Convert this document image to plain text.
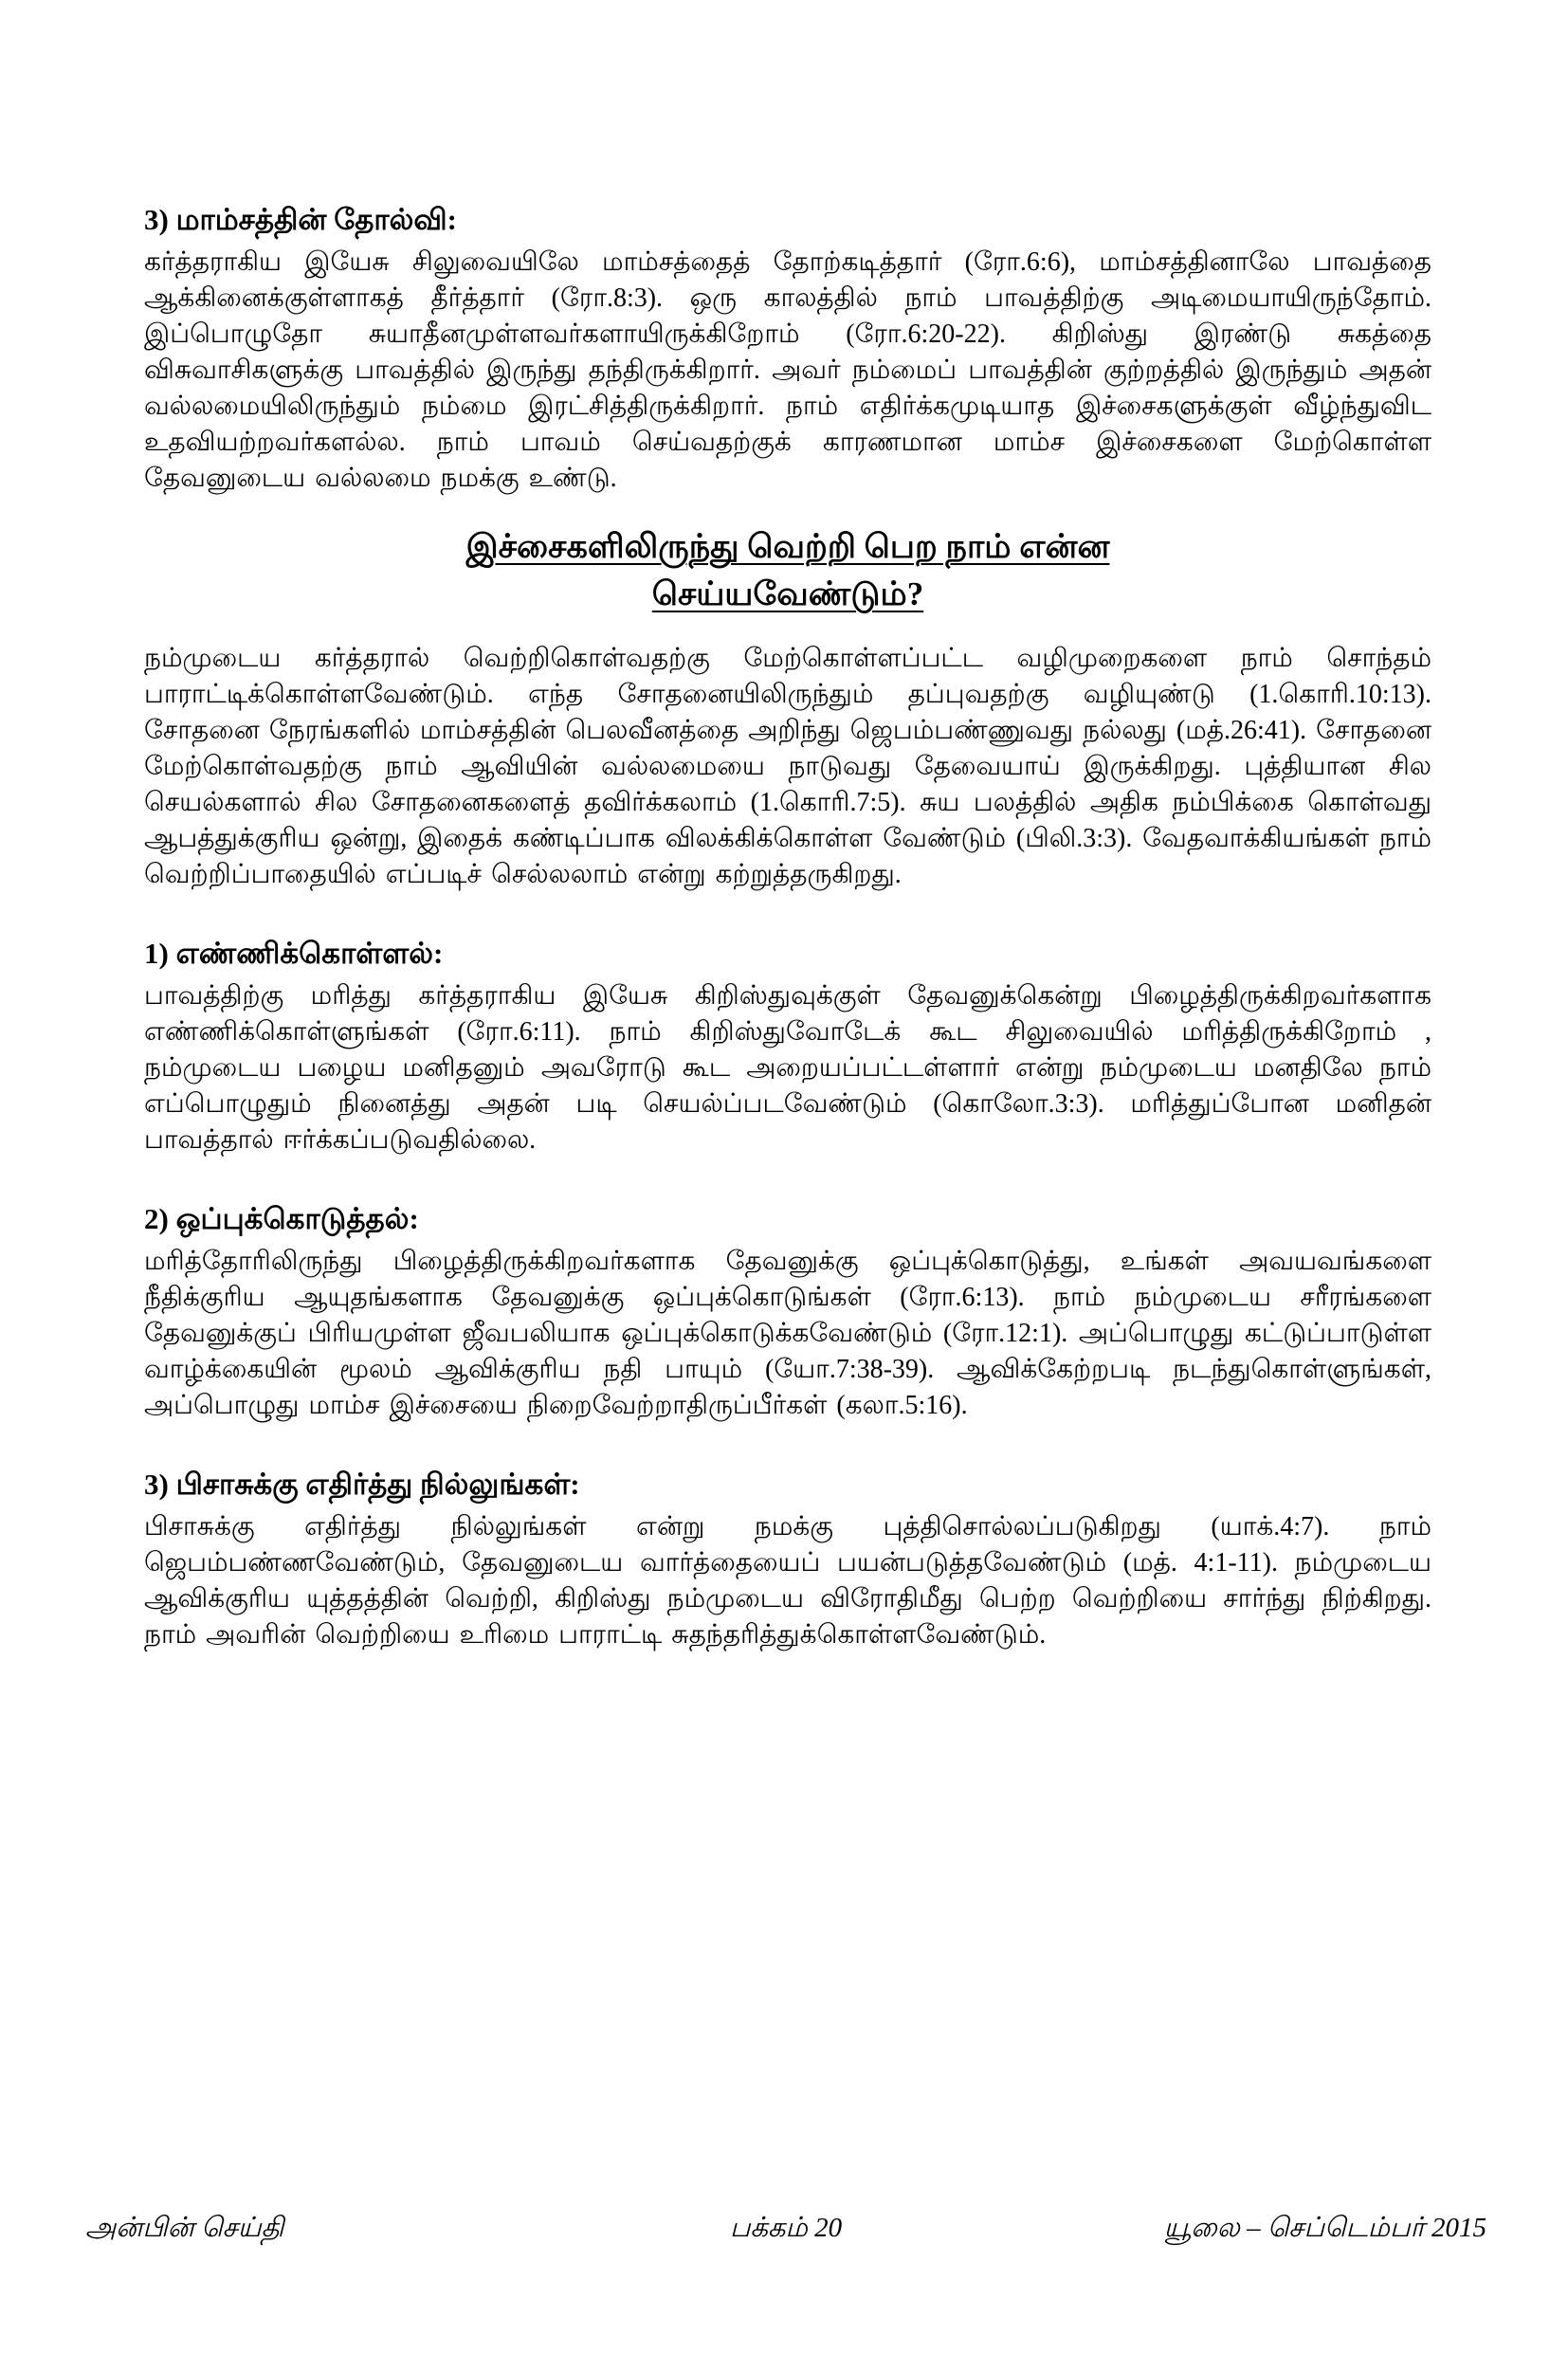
3) மாம்சத்தின் தோல்வி:

கர்த்தராகிய இயேசு சிலுவையிலே மாம்சத்தைத் தோற்கடித்தார் (ரோ.6:6), மாம்சத்தினாலே பாவத்தை ஆக்கினைக்குள்ளாகத் தீர்த்தார் (ரோ.8:3). ஒரு காலத்தில் நாம் பாவத்திற்கு அடிமையாயிருந்தோம். இப்பொழுதோ சுயாதீனமுள்ளவர்களாயிருக்கிறோம் (ரோ.6:20-22). கிறிஸ்து இரண்டு சுகத்தை விசுவாசிகளுக்கு பாவத்தில் இருந்து தந்திருக்கிறார். அவர் நம்மைப் பாவத்தின் குற்றத்தில் இருந்தும் அதன் வல்லமையிலிருந்தும் நம்மை இரட்சித்திருக்கிறார். நாம் எதிர்க்கமுடியாத இச்சைகளுக்குள் வீழ்ந்துவிட உதவியற்றவர்களல்ல. நாம் பாவம் செய்வதற்குக் காரணமான மாம்ச இச்சைகளை மேற்கொள்ள தேவனுடைய வல்லமை நமக்கு உண்டு.

இச்சைகளிலிருந்து வெற்றி பெற நாம் என்ன
செய்யவேண்டும்?

நம்முடைய கர்த்தரால் வெற்றிகொள்வதற்கு மேற்கொள்ளப்பட்ட வழிமுறைகளை நாம் சொந்தம் பாராட்டிக்கொள்ளவேண்டும். எந்த சோதனையிலிருந்தும் தப்புவதற்கு வழியுண்டு (1.கொரி.10:13). சோதனை நேரங்களில் மாம்சத்தின் பெலவீனத்தை அறிந்து ஜெபம்பண்ணுவது நல்லது (மத்.26:41). சோதனை மேற்கொள்வதற்கு நாம் ஆவியின் வல்லமையை நாடுவது தேவையாய் இருக்கிறது. புத்தியான சில செயல்களால் சில சோதனைகளைத் தவிர்க்கலாம் (1.கொரி.7:5). சுய பலத்தில் அதிக நம்பிக்கை கொள்வது ஆபத்துக்குரிய ஒன்று, இதைக் கண்டிப்பாக விலக்கிக்கொள்ள வேண்டும் (பிலி.3:3). வேதவாக்கியங்கள் நாம் வெற்றிப்பாதையில் எப்படிச் செல்லலாம் என்று கற்றுத்தருகிறது.

1) எண்ணிக்கொள்ளல்:

பாவத்திற்கு மரித்து கர்த்தராகிய இயேசு கிறிஸ்துவுக்குள் தேவனுக்கென்று பிழைத்திருக்கிறவர்களாக எண்ணிக்கொள்ளுங்கள் (ரோ.6:11). நாம் கிறிஸ்துவோடேக் கூட சிலுவையில் மரித்திருக்கிறோம் , நம்முடைய பழைய மனிதனும் அவரோடு கூட அறையப்பட்டள்ளார் என்று நம்முடைய மனதிலே நாம் எப்பொழுதும் நினைத்து அதன் படி செயல்ப்படவேண்டும் (கொலோ.3:3). மரித்துப்போன மனிதன் பாவத்தால் ஈர்க்கப்படுவதில்லை.

2) ஒப்புக்கொடுத்தல்:

மரித்தோரிலிருந்து பிழைத்திருக்கிறவர்களாக தேவனுக்கு ஒப்புக்கொடுத்து, உங்கள் அவயவங்களை நீதிக்குரிய ஆயுதங்களாக தேவனுக்கு ஒப்புக்கொடுங்கள் (ரோ.6:13). நாம் நம்முடைய சரீரங்களை தேவனுக்குப் பிரியமுள்ள ஜீவபலியாக ஒப்புக்கொடுக்கவேண்டும் (ரோ.12:1). அப்பொழுது கட்டுப்பாடுள்ள வாழ்க்கையின் மூலம் ஆவிக்குரிய நதி பாயும் (யோ.7:38-39). ஆவிக்கேற்றபடி நடந்துகொள்ளுங்கள், அப்பொழுது மாம்ச இச்சையை நிறைவேற்றாதிருப்பீர்கள் (கலா.5:16).

3) பிசாசுக்கு எதிர்த்து நில்லுங்கள்:

பிசாசுக்கு எதிர்த்து நில்லுங்கள் என்று நமக்கு புத்திசொல்லப்படுகிறது (யாக்.4:7). நாம் ஜெபம்பண்ணவேண்டும், தேவனுடைய வார்த்தையைப் பயன்படுத்தவேண்டும் (மத். 4:1-11). நம்முடைய ஆவிக்குரிய யுத்தத்தின் வெற்றி, கிறிஸ்து நம்முடைய விரோதிமீது பெற்ற வெற்றியை சார்ந்து நிற்கிறது. நாம் அவரின் வெற்றியை உரிமை பாராட்டி சுதந்தரித்துக்கொள்ளவேண்டும்.

அன்பின் செய்தி	பக்கம் 20	யூலை – செப்டெம்பர் 2015
